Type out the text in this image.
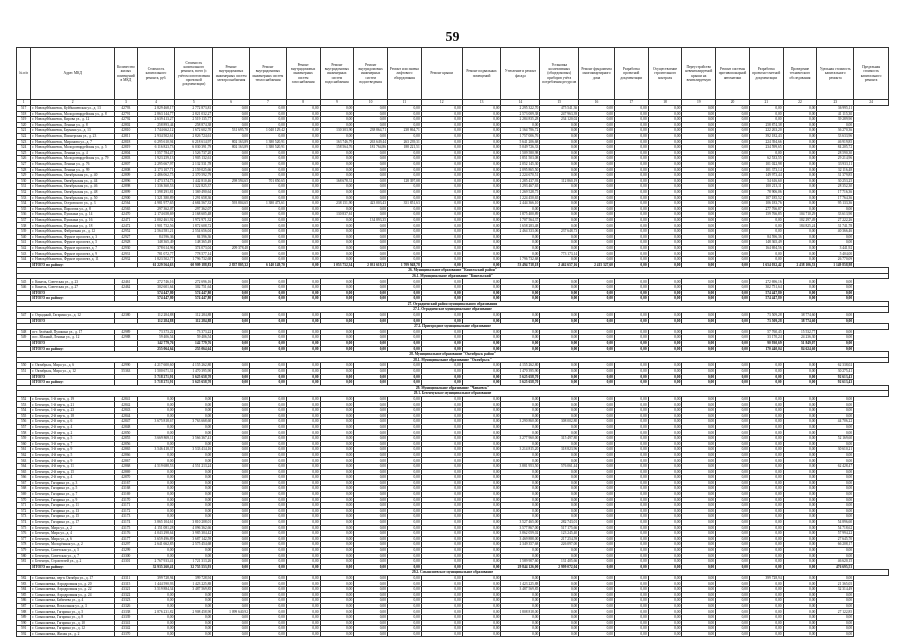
59
№ п/п	Адрес МКД	Количество жилых помещений в МКД	Стоимость капитального ремонта, руб.	Стоимость капитального ремонта, всего (с учётом изготовления проектной документации)	Ремонт внутридомовых инженерных систем электроснабжения	Ремонт внутридомовых инженерных систем теплоснабжения	Ремонт внутридомовых инженерных систем газоснабжения	Ремонт внутридомовых инженерных систем водоснабжения	Ремонт внутридомовых инженерных систем водоотведения	Ремонт или замена лифтового оборудования	Ремонт крыши	Ремонт подвальных помещений	Утепление и ремонт фасада	Установка коллективных (общедомовых) приборов учёта потребления ресурсов	Ремонт фундамента многоквартирного дома	Разработка проектной документации	Осуществление строительного контроля	Переустройство невентилируемой крыши на вентилируемую	Ремонт системы противопожарной автоматики	Разработка проектно-сметной документации	Проведение технического обследования	Удельная стоимость капитального ремонта	Предельная стоимость капитального ремонта
1	2	3	4	5	6	7	8	9	10	11	12	13	14	15	16	17	18	19	20	21	22	23	24
517	г. Новокуйбышевск, Куйбышевская ул., д. 13	42793	2 829 468,17	2 772 873,81	0,00	0,00	0,00	0,00	0,00	0,00	0,00	0,00	2 295 322,70	475 541,36	0,00	0,00	0,00	0,00	0,00	0,00	0,00	36 995,11	
518	г. Новокуйбышевск, Молодогвардейская ул., д. 8	42791	2 863 144,77	2 821 032,27	0,00	0,00	0,00	0,00	0,00	0,00	0,00	0,00	2 573 009,38	247 963,39	0,00	0,00	0,00	0,00	0,00	0,00	0,00	41 115,30	
519	г. Новокуйбышевск, Кирова ул., д. 12	42792	2 639 413,27	2 519 135,77	0,00	0,00	0,00	0,00	0,00	0,00	0,00	0,00	2 284 835,28	234 120,02	0,00	0,00	0,00	0,00	0,00	0,00	0,00	39 289,90	
520	г. Новокуйбышевск, Ленина ул., д. 8	42802	258 893,44	258 874,38	0,00	0,00	0,00	0,00	0,00	0,00	0,00	0,00	0,00	0,00	0,00	0,00	0,00	0,00	0,00	258 874,38	0,00	0,00	
521	г. Новокуйбышевск, Баумана ул., д. 13	42810	1 744 662,12	1 672 602,70	531 695,78	1 040 129,42	0,00	130 303,90	238 864,71	238 864,71	0,00	0,00	2 164 786,72	0,00	0,00	0,00	0,00	0,00	0,00	222 263,20	0,00	36 270,36	
522	г. Новокуйбышевск, Пионерская ул., д. 23	42811	2 934 502,61	2 826 724,61	0,00	0,00	0,00	0,00	0,00	0,00	0,00	0,00	1 757 006,76	0,00	0,00	0,00	0,00	0,00	0,00	392 182,43	0,00	33 633,96	
523	г. Новокуйбышевск, Миронова ул., д. 7	42818	6 295 610,94	6 218 614,97	802 163,89	1 380 520,91	0,00	163 746,79	263 649,44	263 239,31	0,00	0,00	5 641 206,68	0,00	0,00	0,00	0,00	0,00	0,00	224 394,66	0,00	46 919,85	
524	г. Новокуйбышевск, Молодогвардейская ул., д. 5	42819	6 116 823,73	6 030 391,79	802 163,89	1 380 520,91	0,00	158 564,76	181 764,86	188 221,51	0,00	0,00	5 049 726,33	0,00	0,00	0,00	0,00	0,00	0,00	234 599,65	0,00	84 205,72	
525	г. Новокуйбышевск, Ленина ул., д. 4	42804	1 557 784,47	1 526 737,20	0,00	0,00	0,00	0,00	0,00	0,00	0,00	0,00	1 509 580,98	0,00	0,00	0,00	0,00	0,00	0,00	0,00	0,00	28 590,30	
526	г. Новокуйбышевск, Молодогвардейская ул., д. 79	42803	1 923 259,13	1 905 132,61	0,00	0,00	0,00	0,00	0,00	0,00	0,00	0,00	1 851 503,08	0,00	0,00	0,00	0,00	0,00	0,00	62 533,55	0,00	29 214,96	
527	г. Новокуйбышевск, Ленина ул., д. 76	42807	2 295 667,97	2 132 531,78	0,00	0,00	0,00	0,00	0,00	0,00	0,00	0,00	2 052 145,30	0,00	0,00	0,00	0,00	0,00	0,00	101 022,98	0,00	33 933,11	
528	г. Новокуйбышевск, Ленина ул., д. 99	42808	2 173 107,71	2 159 025,66	0,00	0,00	0,00	0,00	0,00	0,00	0,00	0,00	2 095 865,50	0,00	0,00	0,00	0,00	0,00	0,00	101 373,14	0,00	32 116,48	
529	г. Новокуйбышевск, Октябрьская ул., д. 40	42809	2 486 062,75	2 370 592,79	0,00	0,00	0,00	0,00	0,00	0,00	0,00	0,00	2 224 670,51	0,00	0,00	0,00	0,00	0,00	0,00	149 973,44	0,00	31 379,85	
530	г. Новокуйбышевск, Октябрьская ул., д. 44	42896	1 473 374,73	1 442 810,46	298 594,65	701 850,65	0,00	168 678,31	0,00	128 397,08	0,00	0,00	1 285 437,93	112 860,19	0,00	0,00	0,00	0,00	0,00	54 616,60	0,00	30 253,25	
531	г. Новокуйбышевск, Октябрьская ул., д. 46	42898	1 336 360,53	1 322 825,37	0,00	0,00	0,00	0,00	0,00	0,00	0,00	0,00	1 293 467,65	0,00	0,00	0,00	0,00	0,00	0,00	100 213,11	0,00	28 352,30	
532	г. Новокуйбышевск, Октябрьская ул., д. 48	42899	1 398 291,81	1 369 490,64	0,00	0,00	0,00	0,00	0,00	0,00	0,00	0,00	1 269 528,75	0,00	0,00	0,00	0,00	0,00	0,00	78 906,06	0,00	17 716,36	
533	г. Новокуйбышевск, Октябрьская ул., д. 50	42900	1 321 380,89	1 291 658,36	0,00	0,00	0,00	0,00	0,00	0,00	0,00	0,00	1 224 450,65	0,00	0,00	0,00	0,00	0,00	0,00	107 185,52	0,00	17 764,36	
534	г. Новокуйбышевск, Островского ул., д. 3	42564	4 981 977,65	4 684 567,33	593 804,65	1 380 473,61	0,00	238 151,90	423 003,43	351 851,63	0,00	0,00	2 444 366,10	0,00	0,00	0,00	0,00	0,00	0,00	106 183,76	0,00	95 133,36	
535	г. Новокуйбышевск, Пирогова ул., д. 8	42565	297 362,07	297 362,07	0,00	0,00	0,00	0,00	0,00	0,00	0,00	0,00	0,00	0,00	0,00	0,00	0,00	0,00	0,00	277 766,87	0,00	0,00	
536	г. Новокуйбышевск, Пушкина ул., д. 14	42470	2 174 658,69	2 168 605,48	0,00	0,00	0,00	130 837,61	0,00	0,00	0,00	0,00	1 875 400,89	0,00	0,00	0,00	0,00	0,00	0,00	159 766,85	104 710,29	33 613,90	
537	г. Новокуйбышевск, Пушкина ул., д. 16	42471	2 002 461,92	1 972 971,32	0,00	0,00	0,00	0,00	134 893,35	0,00	0,00	0,00	1 707 564,37	0,00	0,00	0,00	0,00	0,00	0,00	0,00	102 297,49	27 222,26	
538	г. Новокуйбышевск, Пушкина ул., д. 18	42472	1 901 752,56	1 872 608,72	0,00	0,00	0,00	0,00	0,00	0,00	0,00	0,00	1 658 283,48	0,00	0,00	0,00	0,00	0,00	0,00	0,00	184 825,24	31 741,78	
539	г. Новокуйбышевск, Фабричная ул., д. 12	42952	2 564 581,21	2 554 656,04	0,00	0,00	0,00	0,00	0,00	0,00	0,00	0,00	2 464 333,06	237 648,73	0,00	0,00	0,00	0,00	0,00	0,00	0,00	40 366,46	
540	г. Новокуйбышевск, Фрунзе проспект, д. 3	42927	84 596,36	84 596,36	0,00	0,00	0,00	0,00	0,00	0,00	0,00	0,00	0,00	0,00	0,00	0,00	0,00	0,00	0,00	84 596,36	0,00	0,00	
541	г. Новокуйбышевск, Фрунзе проспект, д. 5	42928	148 365,49	148 365,49	0,00	0,00	0,00	0,00	0,00	0,00	0,00	0,00	0,00	0,00	0,00	0,00	0,00	0,00	0,00	148 365,49	0,00	0,00	
542	г. Новокуйбышевск, Фрунзе проспект, д. 7	42930	378 614,96	374 073,04	209 378,48	0,00	0,00	0,00	0,00	0,00	0,00	0,00	0,00	0,00	0,00	0,00	0,00	0,00	0,00	164 694,56	0,00	3 441,92	
543	г. Новокуйбышевск, Фрунзе проспект, д. 9	42931	781 072,77	778 577,14	0,00	0,00	0,00	0,00	0,00	0,00	0,00	0,00	0,00	773 173,14	0,00	0,00	0,00	0,00	0,00	0,00	0,00	5 404,00	
544	г. Новокуйбышевск, Фрунзе проспект, д. 11	42932	1 823 502,77	1 796 732,68	0,00	0,00	0,00	0,00	0,00	0,00	0,00	0,00	1 796 732,68	0,00	0,00	0,00	0,00	0,00	0,00	0,00	0,00	26 770,09	
	ИТОГО по району:		61 229 564,63	60 909 188,83	2 837 805,32	6 140 149,70	0,00	1 053 752,34	2 031 619,23	1 709 948,78	0,00	0,00	53 494 718,18	2 462 657,16	2 415 327,60	0,00	0,00	0,00	0,00	1 654 032,42	2 438 106,53	1 149 858,98	
26. Муниципальное образование "Кинельский район"																							
26.1. Муниципальное образование "Кинельский"																							
545	г. Кинель, Советская ул., д. 23	42461	272 746,16	272 696,16	0,00	0,00	0,00	0,00	0,00	0,00	0,00	0,00	0,00	0,00	0,00	0,00	0,00	0,00	0,00	272 696,16	0,00	0,00	
546	г. Кинель, Советская ул., д. 27	42462	302 601,64	302 751,64	0,00	0,00	0,00	0,00	0,00	0,00	0,00	0,00	0,00	0,00	0,00	0,00	0,00	0,00	0,00	302 751,64	0,00	0,00	
	ИТОГО		574 447,80	574 447,80	0,00	0,00	0,00	0,00	0,00	0,00	0,00	0,00	0,00	0,00	0,00	0,00	0,00	0,00	0,00	574 447,80	0,00	0,00	
	ИТОГО по району:		574 447,80	574 447,80	0,00	0,00	0,00	0,00	0,00	0,00	0,00	0,00	0,00	0,00	0,00	0,00	0,00	0,00	0,00	574 447,80	0,00	0,00	
27. Отрадненский район муниципального образования																							
27.1. Отрадненское муниципальное образование																							
547	г. Отрадный, Гагарина ул., д. 12	42380	112 284,88	112 284,88	0,00	0,00	0,00	0,00	0,00	0,00	0,00	0,00	0,00	0,00	0,00	0,00	0,00	0,00	0,00	73 509,28	38 774,60	0,00	
	ИТОГО		112 284,88	112 284,88	0,00	0,00	0,00	0,00	0,00	0,00	0,00	0,00	0,00	0,00	0,00	0,00	0,00	0,00	0,00	73 509,28	38 774,60	0,00	
27.2. Пригородное муниципальное образование																							
548	пгт. Зелёный, Пушкина ул., д. 17	42989	73 373,22	73 373,22	0,00	0,00	0,00	0,00	0,00	0,00	0,00	0,00	0,00	0,00	0,00	0,00	0,00	0,00	0,00	57 760,45	15 532,77	0,00	
549	пос. Южный, Ленина ул., д. 12	42988	59 406,54	59 406,54	0,00	0,00	0,00	0,00	0,00	0,00	0,00	0,00	0,00	0,00	0,00	0,00	0,00	0,00	0,00	33 170,24	24 236,30	0,00	
	ИТОГО		142 779,76	142 779,76	0,00	0,00	0,00	0,00	0,00	0,00	0,00	0,00	0,00	0,00	0,00	0,00	0,00	0,00	0,00	90 930,69	51 849,07	0,00	
	ИТОГО по району:		255 064,64	255 064,64	0,00	0,00	0,00	0,00	0,00	0,00	0,00	0,00	0,00	0,00	0,00	0,00	0,00	0,00	0,00	170 440,04	84 624,60	0,00	
28. Муниципальное образование "Октябрьск район"																							
28.1. Муниципальное образование "Октябрьск"																							
550	г. Октябрьск, Мира ул., д. 6	42990	4 217 600,60	4 155 262,80	0,00	0,00	0,00	0,00	0,00	0,00	0,00	0,00	4 155 262,80	0,00	0,00	0,00	0,00	0,00	0,00	0,00	0,00	62 338,02	
551	г. Октябрьск, Мира ул., д. 12	55363	1 500 671,31	1 470 395,90	0,00	0,00	0,00	0,00	0,00	0,00	0,00	0,00	1 470 395,90	0,00	0,00	0,00	0,00	0,00	0,00	0,00	0,00	30 275,41	
	ИТОГО		5 718 271,91	5 625 658,70	0,00	0,00	0,00	0,00	0,00	0,00	0,00	0,00	5 625 658,70	0,00	0,00	0,00	0,00	0,00	0,00	0,00	0,00	92 613,43	
	ИТОГО по району:		5 718 271,91	5 625 658,70	0,00	0,00	0,00	0,00	0,00	0,00	0,00	0,00	5 625 658,70	0,00	0,00	0,00	0,00	0,00	0,00	0,00	0,00	92 613,43	
29. Муниципальное образование "Чапаевск"																							
29.1. Безенчукское муниципальное образование																							
552	г. Безенчук, 1-й пер-к, д. 19	42841	0,00	0,00	0,00	0,00	0,00	0,00	0,00	0,00	0,00	0,00	0,00	0,00	0,00	0,00	0,00	0,00	0,00	0,00	0,00	0,00	
553	г. Безенчук, 1-й пер-к, д. 21	42842	0,00	0,00	0,00	0,00	0,00	0,00	0,00	0,00	0,00	0,00	0,00	0,00	0,00	0,00	0,00	0,00	0,00	0,00	0,00	0,00	
554	г. Безенчук, 1-й пер-к, д. 23	42843	0,00	0,00	0,00	0,00	0,00	0,00	0,00	0,00	0,00	0,00	0,00	0,00	0,00	0,00	0,00	0,00	0,00	0,00	0,00	0,00	
555	г. Безенчук, 2-й пер-к, д. 18	42844	0,00	0,00	0,00	0,00	0,00	0,00	0,00	0,00	0,00	0,00	0,00	0,00	0,00	0,00	0,00	0,00	0,00	0,00	0,00	0,00	
556	г. Безенчук, 2-й пер-к, д. 6	42847	3 675 818,67	3 763 668,60	0,00	0,00	0,00	0,00	0,00	0,00	0,00	0,00	3 290 860,00	308 002,80	0,00	0,00	0,00	0,00	0,00	0,00	0,00	44 706,22	
557	г. Безенчук, 2-й пер-к, д. 4	42848	0,00	0,00	0,00	0,00	0,00	0,00	0,00	0,00	0,00	0,00	0,00	0,00	0,00	0,00	0,00	0,00	0,00	0,00	0,00	0,00	
558	г. Безенчук, 2-й пер-к, д. 2	42850	0,00	0,00	0,00	0,00	0,00	0,00	0,00	0,00	0,00	0,00	0,00	0,00	0,00	0,00	0,00	0,00	0,00	0,00	0,00	0,00	
559	г. Безенчук, 3-й пер-к, д. 5	42855	3 669 869,11	3 566 367,41	0,00	0,00	0,00	0,00	0,00	0,00	0,00	0,00	3 277 960,00	315 497,80	0,00	0,00	0,00	0,00	0,00	0,00	0,00	52 169,60	
560	г. Безенчук, 3-й пер-к, д. 7	42856	0,00	0,00	0,00	0,00	0,00	0,00	0,00	0,00	0,00	0,00	0,00	0,00	0,00	0,00	0,00	0,00	0,00	0,00	0,00	0,00	
561	г. Безенчук, 3-й пер-к, д. 9	42865	3 546 418,37	3 533 414,16	0,00	0,00	0,00	0,00	0,00	0,00	0,00	0,00	3 214 815,20	318 823,96	0,00	0,00	0,00	0,00	0,00	0,00	0,00	30 610,21	
562	г. Безенчук, 4-й пер-к, д. 5	42866	0,00	0,00	0,00	0,00	0,00	0,00	0,00	0,00	0,00	0,00	0,00	0,00	0,00	0,00	0,00	0,00	0,00	0,00	0,00	0,00	
563	г. Безенчук, 4-й пер-к, д. 9	42867	0,00	0,00	0,00	0,00	0,00	0,00	0,00	0,00	0,00	0,00	0,00	0,00	0,00	0,00	0,00	0,00	0,00	0,00	0,00	0,00	
564	г. Безенчук, 4-й пер-к, д. 11	42868	4 519 688,53	4 551 213,24	0,00	0,00	0,00	0,00	0,00	0,00	0,00	0,00	3 881 953,50	576 061,44	0,00	0,00	0,00	0,00	0,00	0,00	0,00	62 428,47	
565	г. Безенчук, 2-й пер-к, д. 15	42869	0,00	0,00	0,00	0,00	0,00	0,00	0,00	0,00	0,00	0,00	0,00	0,00	0,00	0,00	0,00	0,00	0,00	0,00	0,00	0,00	
566	г. Безенчук, 2-й пер-к, д. 4	42870	0,00	0,00	0,00	0,00	0,00	0,00	0,00	0,00	0,00	0,00	0,00	0,00	0,00	0,00	0,00	0,00	0,00	0,00	0,00	0,00	
567	г. Безенчук, Гагарина ул., д. 3	43167	0,00	0,00	0,00	0,00	0,00	0,00	0,00	0,00	0,00	0,00	0,00	0,00	0,00	0,00	0,00	0,00	0,00	0,00	0,00	0,00	
568	г. Безенчук, Гагарина ул., д. 5	43168	0,00	0,00	0,00	0,00	0,00	0,00	0,00	0,00	0,00	0,00	0,00	0,00	0,00	0,00	0,00	0,00	0,00	0,00	0,00	0,00	
569	г. Безенчук, Гагарина ул., д. 7	43169	0,00	0,00	0,00	0,00	0,00	0,00	0,00	0,00	0,00	0,00	0,00	0,00	0,00	0,00	0,00	0,00	0,00	0,00	0,00	0,00	
570	г. Безенчук, Гагарина ул., д. 9	43170	0,00	0,00	0,00	0,00	0,00	0,00	0,00	0,00	0,00	0,00	0,00	0,00	0,00	0,00	0,00	0,00	0,00	0,00	0,00	0,00	
571	г. Безенчук, Гагарина ул., д. 11	43171	0,00	0,00	0,00	0,00	0,00	0,00	0,00	0,00	0,00	0,00	0,00	0,00	0,00	0,00	0,00	0,00	0,00	0,00	0,00	0,00	
572	г. Безенчук, Гагарина ул., д. 13	43172	0,00	0,00	0,00	0,00	0,00	0,00	0,00	0,00	0,00	0,00	0,00	0,00	0,00	0,00	0,00	0,00	0,00	0,00	0,00	0,00	
573	г. Безенчук, Гагарина ул., д. 15	43173	0,00	0,00	0,00	0,00	0,00	0,00	0,00	0,00	0,00	0,00	0,00	0,00	0,00	0,00	0,00	0,00	0,00	0,00	0,00	0,00	
574	г. Безенчук, Гагарина ул., д. 17	43174	3 865 104,61	3 810 208,01	0,00	0,00	0,00	0,00	0,00	0,00	0,00	0,00	3 527 465,00	282 743,01	0,00	0,00	0,00	0,00	0,00	0,00	0,00	54 896,60	
575	г. Безенчук, Мира ул., д. 2	43175	4 151 081,28	4 096 362,66	0,00	0,00	0,00	0,00	0,00	0,00	0,00	0,00	3 577 867,00	517 175,66	0,00	0,00	0,00	0,00	0,00	0,00	0,00	54 718,62	
576	г. Безенчук, Мира ул., д. 4	43176	4 043 298,64	3 985 304,42	0,00	0,00	0,00	0,00	0,00	0,00	0,00	0,00	3 862 059,02	123 245,40	0,00	0,00	0,00	0,00	0,00	0,00	0,00	57 994,22	
577	г. Безенчук, Мира ул., д. 6	43177	3 659 496,89	3 687 142,59	0,00	0,00	0,00	0,00	0,00	0,00	0,00	0,00	3 469 888,00	217 254,59	0,00	0,00	0,00	0,00	0,00	0,00	0,00	27 645,70	
578	г. Безенчук, Молодёжная ул., д. 2	43297	2 641 662,85	2 575 454,68	0,00	0,00	0,00	0,00	0,00	0,00	0,00	0,00	2 349 357,68	226 097,00	0,00	0,00	0,00	0,00	0,00	0,00	0,00	66 208,17	
579	г. Безенчук, Советская ул., д. 5	43299	0,00	0,00	0,00	0,00	0,00	0,00	0,00	0,00	0,00	0,00	0,00	0,00	0,00	0,00	0,00	0,00	0,00	0,00	0,00	0,00	
580	г. Безенчук, Советская ул., д. 7	43300	0,00	0,00	0,00	0,00	0,00	0,00	0,00	0,00	0,00	0,00	0,00	0,00	0,00	0,00	0,00	0,00	0,00	0,00	0,00	0,00	
581	г. Безенчук, Строителей ул., д. 2	43301	2 767 933,41	1 721 313,26	0,00	0,00	0,00	0,00	0,00	0,00	0,00	0,00	1 589 907,60	131 405,66	0,00	0,00	0,00	0,00	0,00	0,00	0,00	46 620,15	
	ИТОГО по району:		32 935 260,41	32 755 553,93	0,00	0,00	0,00	0,00	0,00	0,00	0,00	0,00	29 844 126,00	2 999 072,04	0,00	0,00	0,00	0,00	0,00	0,00	0,00	476 695,53	
29.2. Смышляевское муниципальное образование																							
582	г. Смышляевка, пер-к Октября ул., д. 17	43311	399 728,94	399 728,94	0,00	0,00	0,00	0,00	0,00	0,00	0,00	0,00	0,00	0,00	0,00	0,00	0,00	0,00	0,00	399 728,94	0,00	0,00	
583	г. Смышляевка, Аэродромная ул., д. 20	43315	1 444 590,93	1 423 225,88	0,00	0,00	0,00	0,00	0,00	0,00	0,00	0,00	1 423 225,88	0,00	0,00	0,00	0,00	0,00	0,00	0,00	0,00	21 365,05	
584	г. Смышляевка, Аэродромная ул., д. 22	43321	3 519 884,34	3 487 569,85	0,00	0,00	0,00	0,00	0,00	0,00	0,00	0,00	3 487 569,85	0,00	0,00	0,00	0,00	0,00	0,00	0,00	0,00	32 314,49	
585	г. Смышляевка, Аэродромная ул., д. 24	43322	0,00	0,00	0,00	0,00	0,00	0,00	0,00	0,00	0,00	0,00	0,00	0,00	0,00	0,00	0,00	0,00	0,00	0,00	0,00	0,00	
586	г. Смышляевка, Бабичева ул., д. 4	43323	0,00	0,00	0,00	0,00	0,00	0,00	0,00	0,00	0,00	0,00	0,00	0,00	0,00	0,00	0,00	0,00	0,00	0,00	0,00	0,00	
587	г. Смышляевка, Вокзальная ул., д. 3	43326	0,00	0,00	0,00	0,00	0,00	0,00	0,00	0,00	0,00	0,00	0,00	0,00	0,00	0,00	0,00	0,00	0,00	0,00	0,00	0,00	
588	г. Смышляевка, Гагарина ул., д. 5	43338	2 876 231,82	2 908 458,90	1 099 640,92	0,00	0,00	0,00	0,00	0,00	0,00	0,00	1 808 818,00	0,00	0,00	0,00	0,00	0,00	0,00	0,00	0,00	27 122,85	
589	г. Смышляевка, Гагарина ул., д. 8	43339	0,00	0,00	0,00	0,00	0,00	0,00	0,00	0,00	0,00	0,00	0,00	0,00	0,00	0,00	0,00	0,00	0,00	0,00	0,00	0,00	
590	г. Смышляевка, Гагарина ул., д. 10	43341	0,00	0,00	0,00	0,00	0,00	0,00	0,00	0,00	0,00	0,00	0,00	0,00	0,00	0,00	0,00	0,00	0,00	0,00	0,00	0,00	
591	г. Смышляевка, Гагарина ул., д. 12	43342	0,00	0,00	0,00	0,00	0,00	0,00	0,00	0,00	0,00	0,00	0,00	0,00	0,00	0,00	0,00	0,00	0,00	0,00	0,00	0,00	
592	г. Смышляевка, Жилая ул., д. 2	43370	0,00	0,00	0,00	0,00	0,00	0,00	0,00	0,00	0,00	0,00	0,00	0,00	0,00	0,00	0,00	0,00	0,00	0,00	0,00	0,00	
